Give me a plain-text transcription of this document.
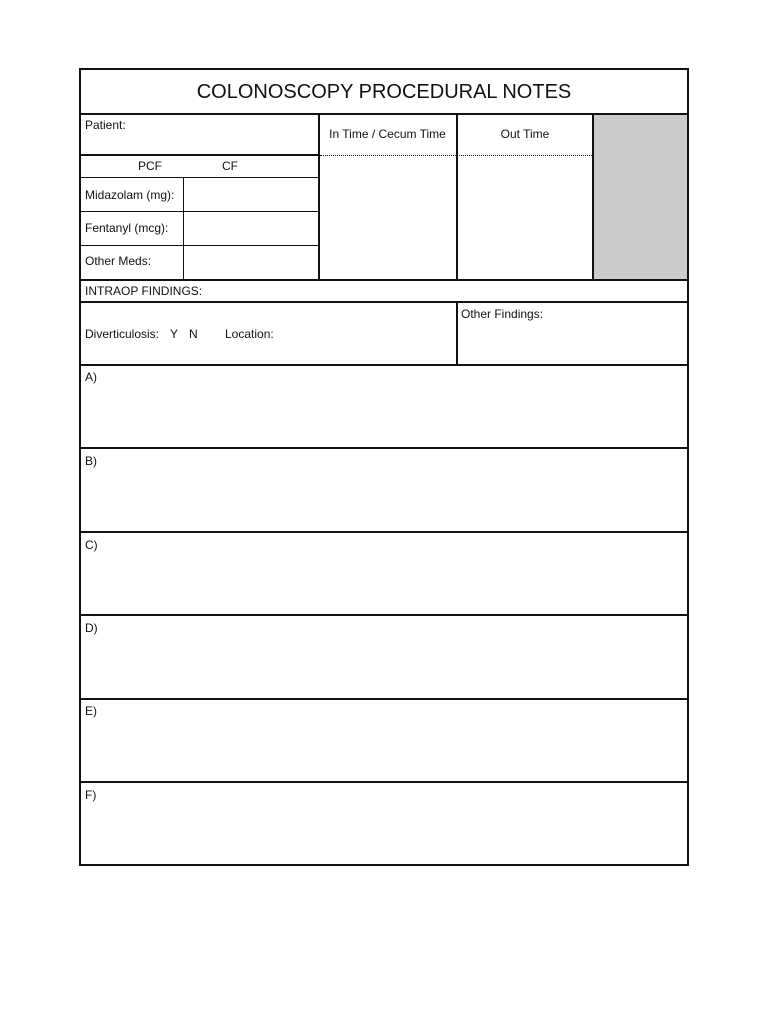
COLONOSCOPY PROCEDURAL NOTES
Patient:
PCF	CF
Midazolam (mg):
Fentanyl (mcg):
Other Meds:
In Time / Cecum Time	Out Time
INTRAOP FINDINGS:
Diverticulosis: Y N Location:
Other Findings:
A)
B)
C)
D)
E)
F)
